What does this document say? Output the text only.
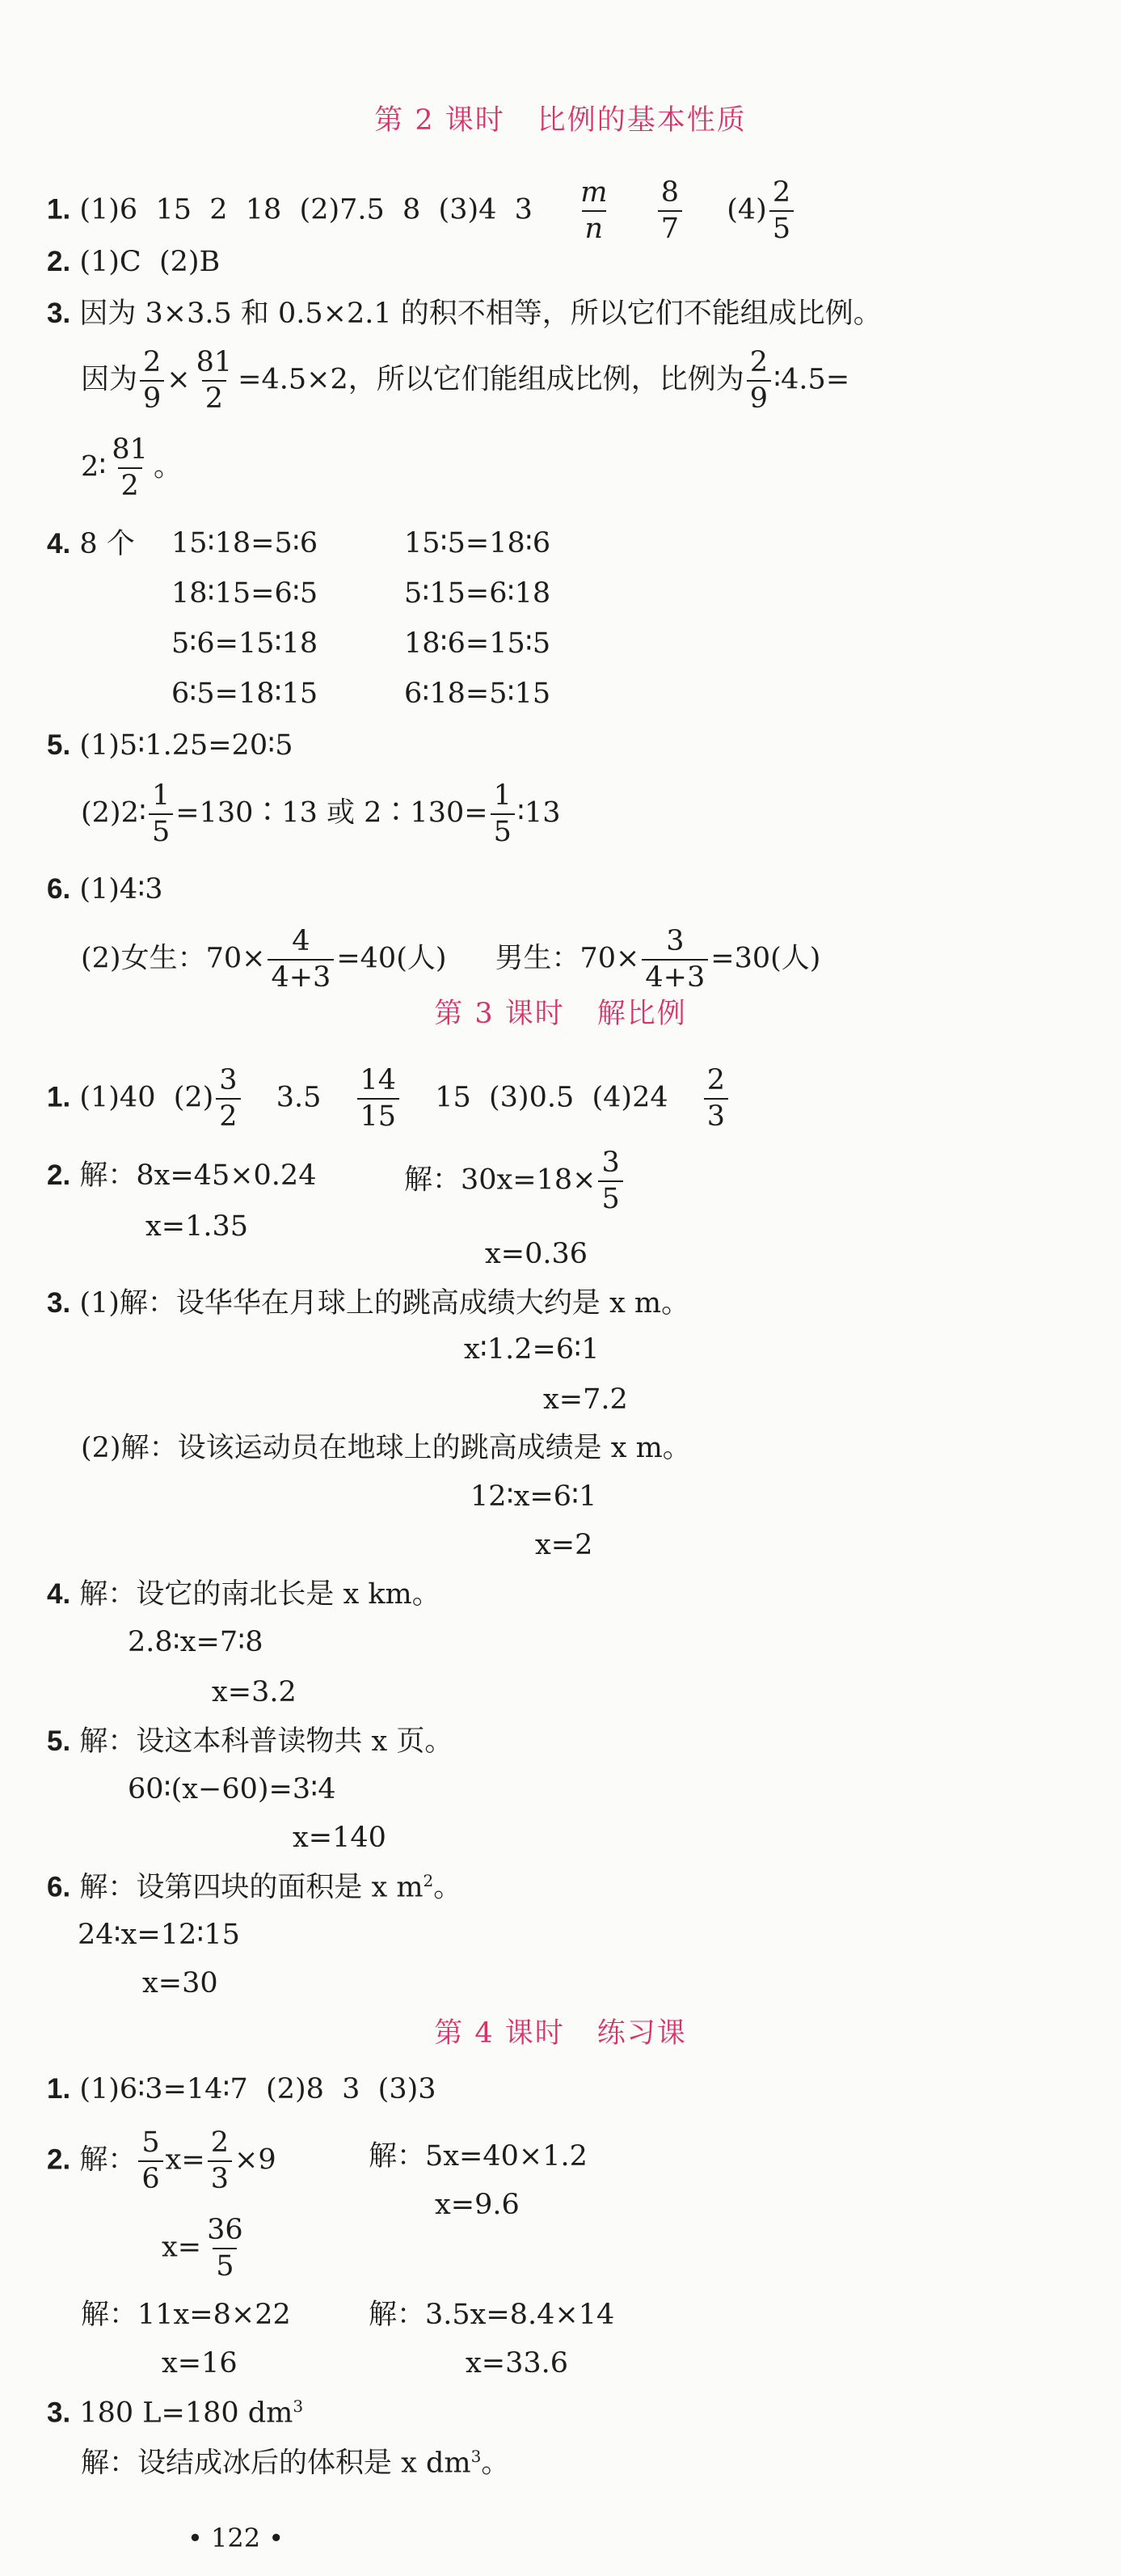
第 2 课时 比例的基本性质
1. (1)6  15  2  18  (2)7.5  8  (3)4  $3 \frac{m}{n}$
$\frac{8}{7} (4) \frac{2}{5}$
2. (1)C  (2)B
3. 因为 3×3.5 和 0.5×2.1 的积不相等，所以它们不能组成比例。
因为 $\frac{2}{9} \times \frac{81}{2} =4.5\times 2$，所以它们能组成比例，比例为 $\frac{2}{9}$ ∶4.5=
2∶ $\frac{81}{2}$ 。
4. 8 个 15∶18=5∶6	15∶5=18∶6
18∶15=6∶5	5∶15=6∶18
5∶6=15∶18	18∶6=15∶5
6∶5=18∶15	6∶18=5∶15
5. (1)5∶1.25=20∶5
(2)2∶ $\frac{1}{5}$ =130∶13 或 2∶130= $\frac{1}{5}$ ∶13
6. (1)4∶3
(2)女生：$70\times \frac{4}{4+3} =40$(人) 男生：$70\times \frac{3}{4+3} =30$(人)
第 3 课时 解比例
1. (1)40  $(2) \frac{3}{2} 3.5 \frac{14}{15} 15$  (3)0.5  $(4)24 \frac{2}{3}$
2. 解：8x=45×0.24	解：$30x=18\times \frac{3}{5}$
x=1.35
x=0.36
3. (1)解：设华华在月球上的跳高成绩大约是 x m。
x∶1.2=6∶1
x=7.2
(2)解：设该运动员在地球上的跳高成绩是 x m。
12∶x=6∶1
x=2
4. 解：设它的南北长是 x km。
2.8∶x=7∶8
x=3.2
5. 解：设这本科普读物共 x 页。
60∶(x−60)=3∶4
x=140
6. 解：设第四块的面积是 x $m^2$。
24∶x=12∶15
x=30
第 4 课时 练习课
1. (1)6∶3=14∶7  (2)8  3  (3)3
2. 解： $\frac{5}{6} x= \frac{2}{3} \times 9$	解：5x=40×1.2
x=9.6
$x= \frac{36}{5}$
解：11x=8×22	解：3.5x=8.4×14
x=16	x=33.6
3. 180 L=180 $dm^3$
解：设结成冰后的体积是 x $dm^3$。
• 122 •
